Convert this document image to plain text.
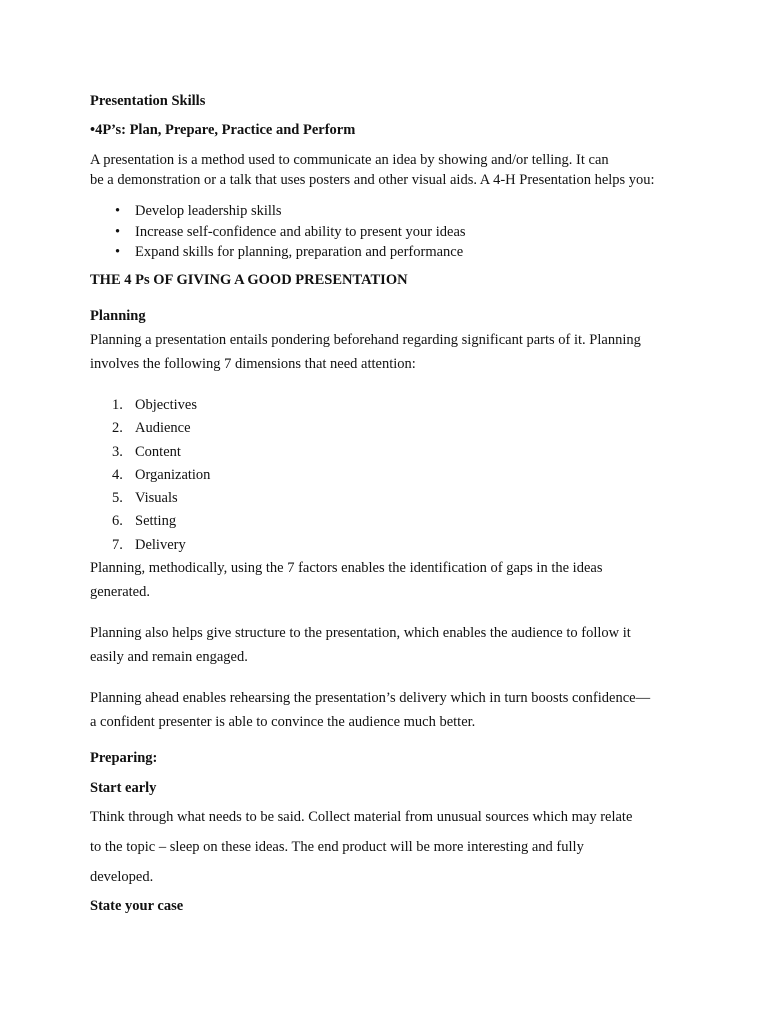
Presentation Skills

•4P’s: Plan, Prepare, Practice and Perform

A presentation is a method used to communicate an idea by showing and/or telling. It can
be a demonstration or a talk that uses posters and other visual aids. A 4-H Presentation helps you:

• Develop leadership skills
• Increase self-confidence and ability to present your ideas
• Expand skills for planning, preparation and performance

THE 4 Ps OF GIVING A GOOD PRESENTATION

Planning

Planning a presentation entails pondering beforehand regarding significant parts of it. Planning
involves the following 7 dimensions that need attention:

1. Objectives
2. Audience
3. Content
4. Organization
5. Visuals
6. Setting
7. Delivery

Planning, methodically, using the 7 factors enables the identification of gaps in the ideas
generated.

Planning also helps give structure to the presentation, which enables the audience to follow it
easily and remain engaged.

Planning ahead enables rehearsing the presentation’s delivery which in turn boosts confidence—
a confident presenter is able to convince the audience much better.

Preparing:

Start early

Think through what needs to be said. Collect material from unusual sources which may relate
to the topic – sleep on these ideas. The end product will be more interesting and fully
developed.

State your case
